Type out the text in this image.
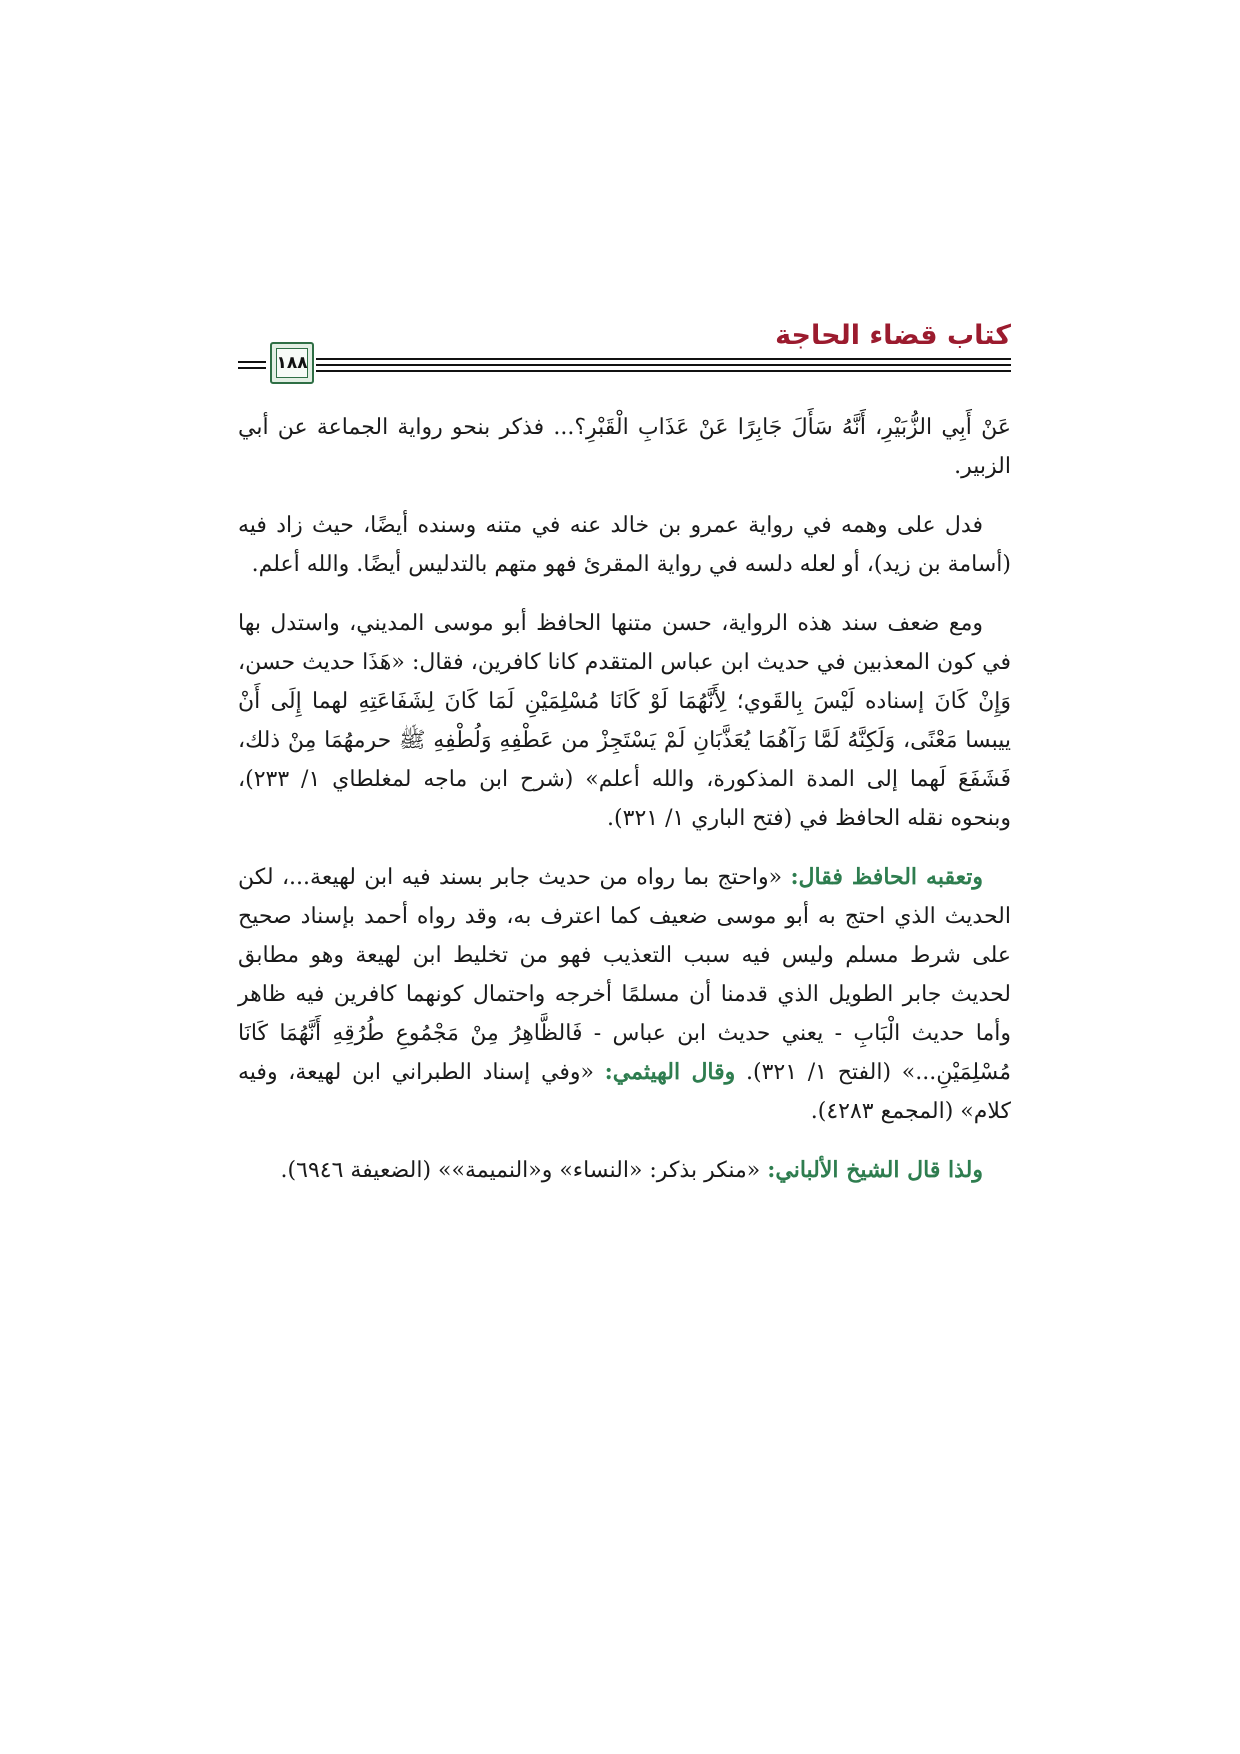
كتاب قضاء الحاجة
١٨٨

عَنْ أَبِي الزُّبَيْرِ، أَنَّهُ سَأَلَ جَابِرًا عَنْ عَذَابِ الْقَبْرِ؟... فذكر بنحو رواية الجماعة عن أبي الزبير.

فدل على وهمه في رواية عمرو بن خالد عنه في متنه وسنده أيضًا، حيث زاد فيه (أسامة بن زيد)، أو لعله دلسه في رواية المقرئ فهو متهم بالتدليس أيضًا. والله أعلم.

ومع ضعف سند هذه الرواية، حسن متنها الحافظ أبو موسى المديني، واستدل بها في كون المعذبين في حديث ابن عباس المتقدم كانا كافرين، فقال: «هَذَا حديث حسن، وَإِنْ كَانَ إسناده لَيْسَ بِالقَوي؛ لِأَنَّهُمَا لَوْ كَانَا مُسْلِمَيْنِ لَمَا كَانَ لِشَفَاعَتِهِ لهما إِلَى أَنْ ييبسا مَعْنًى، وَلَكِنَّهُ لَمَّا رَآهُمَا يُعَذَّبَانِ لَمْ يَسْتَجِزْ من عَطْفِهِ وَلُطْفِهِ ﷺ حرمهُمَا مِنْ ذلك، فَشَفَعَ لَهما إلى المدة المذكورة، والله أعلم» (شرح ابن ماجه لمغلطاي ١/ ٢٣٣)، وبنحوه نقله الحافظ في (فتح الباري ١/ ٣٢١).

وتعقبه الحافظ فقال: «واحتج بما رواه من حديث جابر بسند فيه ابن لهيعة...، لكن الحديث الذي احتج به أبو موسى ضعيف كما اعترف به، وقد رواه أحمد بإسناد صحيح على شرط مسلم وليس فيه سبب التعذيب فهو من تخليط ابن لهيعة وهو مطابق لحديث جابر الطويل الذي قدمنا أن مسلمًا أخرجه واحتمال كونهما كافرين فيه ظاهر وأما حديث الْبَابِ - يعني حديث ابن عباس - فَالظَّاهِرُ مِنْ مَجْمُوعِ طُرُقِهِ أَنَّهُمَا كَانَا مُسْلِمَيْنِ...» (الفتح ١/ ٣٢١). وقال الهيثمي: «وفي إسناد الطبراني ابن لهيعة، وفيه كلام» (المجمع ٤٢٨٣).

ولذا قال الشيخ الألباني: «منكر بذكر: «النساء» و«النميمة»» (الضعيفة ٦٩٤٦).
